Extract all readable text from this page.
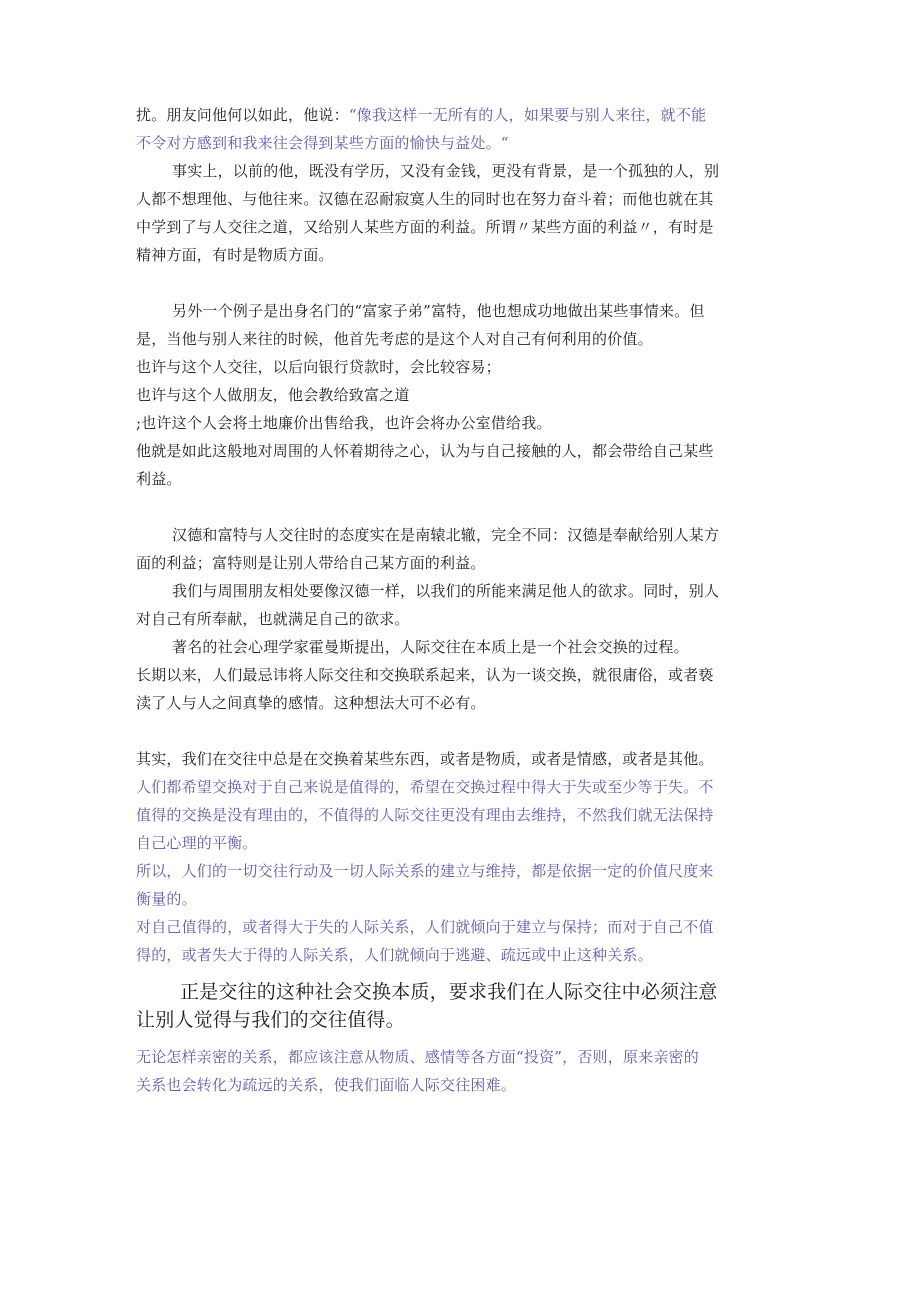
扰。朋友问他何以如此，他说：“像我这样一无所有的人，如果要与别人来往，就不能
不令对方感到和我来往会得到某些方面的愉快与益处。“
事实上，以前的他，既没有学历，又没有金钱，更没有背景，是一个孤独的人，别
人都不想理他、与他往来。汉德在忍耐寂寞人生的同时也在努力奋斗着；而他也就在其
中学到了与人交往之道，又给别人某些方面的利益。所谓〃某些方面的利益〃，有时是
精神方面，有时是物质方面。
另外一个例子是出身名门的“富家子弟”富特，他也想成功地做出某些事情来。但
是，当他与别人来往的时候，他首先考虑的是这个人对自己有何利用的价值。
也许与这个人交往，以后向银行贷款时，会比较容易；
也许与这个人做朋友，他会教给致富之道
;也许这个人会将土地廉价出售给我，也许会将办公室借给我。
他就是如此这般地对周围的人怀着期待之心，认为与自己接触的人，都会带给自己某些
利益。
汉德和富特与人交往时的态度实在是南辕北辙，完全不同：汉德是奉献给别人某方
面的利益；富特则是让别人带给自己某方面的利益。
我们与周围朋友相处要像汉德一样，以我们的所能来满足他人的欲求。同时，别人
对自己有所奉献，也就满足自己的欲求。
著名的社会心理学家霍曼斯提出，人际交往在本质上是一个社会交换的过程。
长期以来，人们最忌讳将人际交往和交换联系起来，认为一谈交换，就很庸俗，或者亵
渎了人与人之间真挚的感情。这种想法大可不必有。
其实，我们在交往中总是在交换着某些东西，或者是物质，或者是情感，或者是其他。
人们都希望交换对于自己来说是值得的，希望在交换过程中得大于失或至少等于失。不
值得的交换是没有理由的，不值得的人际交往更没有理由去维持，不然我们就无法保持
自己心理的平衡。
所以，人们的一切交往行动及一切人际关系的建立与维持，都是依据一定的价值尺度来
衡量的。
对自己值得的，或者得大于失的人际关系，人们就倾向于建立与保持；而对于自己不值
得的，或者失大于得的人际关系，人们就倾向于逃避、疏远或中止这种关系。
正是交往的这种社会交换本质，要求我们在人际交往中必须注意
让别人觉得与我们的交往值得。
无论怎样亲密的关系，都应该注意从物质、感情等各方面“投资”，否则，原来亲密的
关系也会转化为疏远的关系，使我们面临人际交往困难。
